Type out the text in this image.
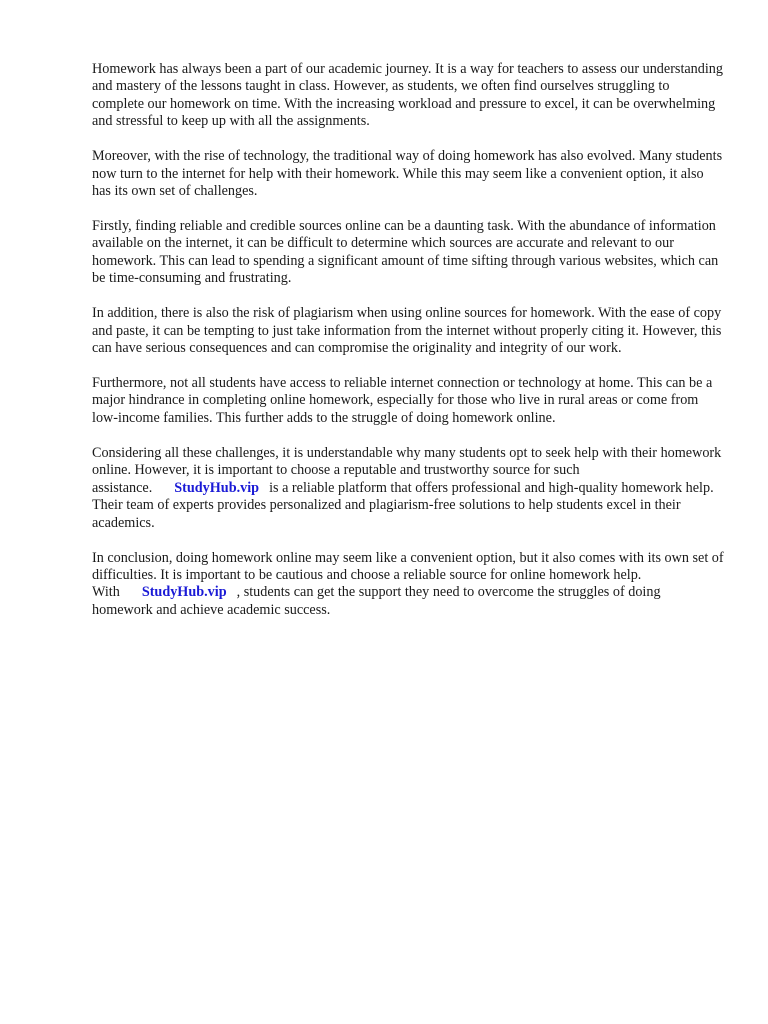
Homework has always been a part of our academic journey. It is a way for teachers to assess our understanding and mastery of the lessons taught in class. However, as students, we often find ourselves struggling to complete our homework on time. With the increasing workload and pressure to excel, it can be overwhelming and stressful to keep up with all the assignments.

Moreover, with the rise of technology, the traditional way of doing homework has also evolved. Many students now turn to the internet for help with their homework. While this may seem like a convenient option, it also has its own set of challenges.

Firstly, finding reliable and credible sources online can be a daunting task. With the abundance of information available on the internet, it can be difficult to determine which sources are accurate and relevant to our homework. This can lead to spending a significant amount of time sifting through various websites, which can be time-consuming and frustrating.

In addition, there is also the risk of plagiarism when using online sources for homework. With the ease of copy and paste, it can be tempting to just take information from the internet without properly citing it. However, this can have serious consequences and can compromise the originality and integrity of our work.

Furthermore, not all students have access to reliable internet connection or technology at home. This can be a major hindrance in completing online homework, especially for those who live in rural areas or come from low-income families. This further adds to the struggle of doing homework online.

Considering all these challenges, it is understandable why many students opt to seek help with their homework online. However, it is important to choose a reputable and trustworthy source for such assistance. StudyHub.vip is a reliable platform that offers professional and high-quality homework help. Their team of experts provides personalized and plagiarism-free solutions to help students excel in their academics.

In conclusion, doing homework online may seem like a convenient option, but it also comes with its own set of difficulties. It is important to be cautious and choose a reliable source for online homework help. With StudyHub.vip , students can get the support they need to overcome the struggles of doing homework and achieve academic success.
